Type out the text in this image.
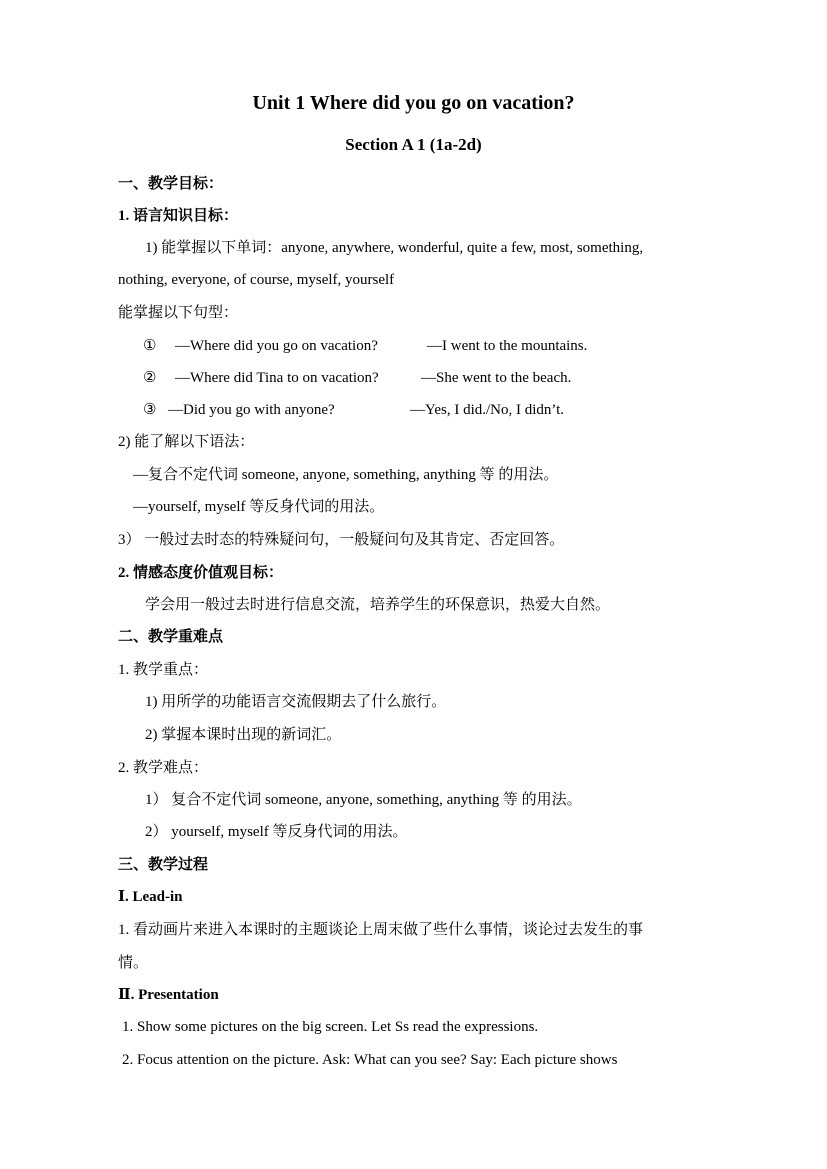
Unit 1 Where did you go on vacation?
Section A 1 (1a-2d)
一、教学目标：
1. 语言知识目标：
1) 能掌握以下单词：anyone, anywhere, wonderful, quite a few, most, something,
nothing, everyone, of course, myself, yourself
能掌握以下句型：
① —Where did you go on vacation?	—I went to the mountains.
② —Where did Tina to on vacation?	—She went to the beach.
③ —Did you go with anyone?	—Yes, I did./No, I didn’t.
2) 能了解以下语法：
—复合不定代词 someone, anyone, something, anything 等 的用法。
—yourself, myself 等反身代词的用法。
3） 一般过去时态的特殊疑问句，一般疑问句及其肯定、否定回答。
2. 情感态度价值观目标：
学会用一般过去时进行信息交流，培养学生的环保意识，热爱大自然。
二、教学重难点
1. 教学重点：
1) 用所学的功能语言交流假期去了什么旅行。
2) 掌握本课时出现的新词汇。
2. 教学难点：
1） 复合不定代词 someone, anyone, something, anything 等 的用法。
2） yourself, myself 等反身代词的用法。
三、教学过程
Ⅰ. Lead-in
1. 看动画片来进入本课时的主题谈论上周末做了些什么事情，谈论过去发生的事
情。
Ⅱ. Presentation
1. Show some pictures on the big screen. Let Ss read the expressions.
2. Focus attention on the picture. Ask: What can you see? Say: Each picture shows
